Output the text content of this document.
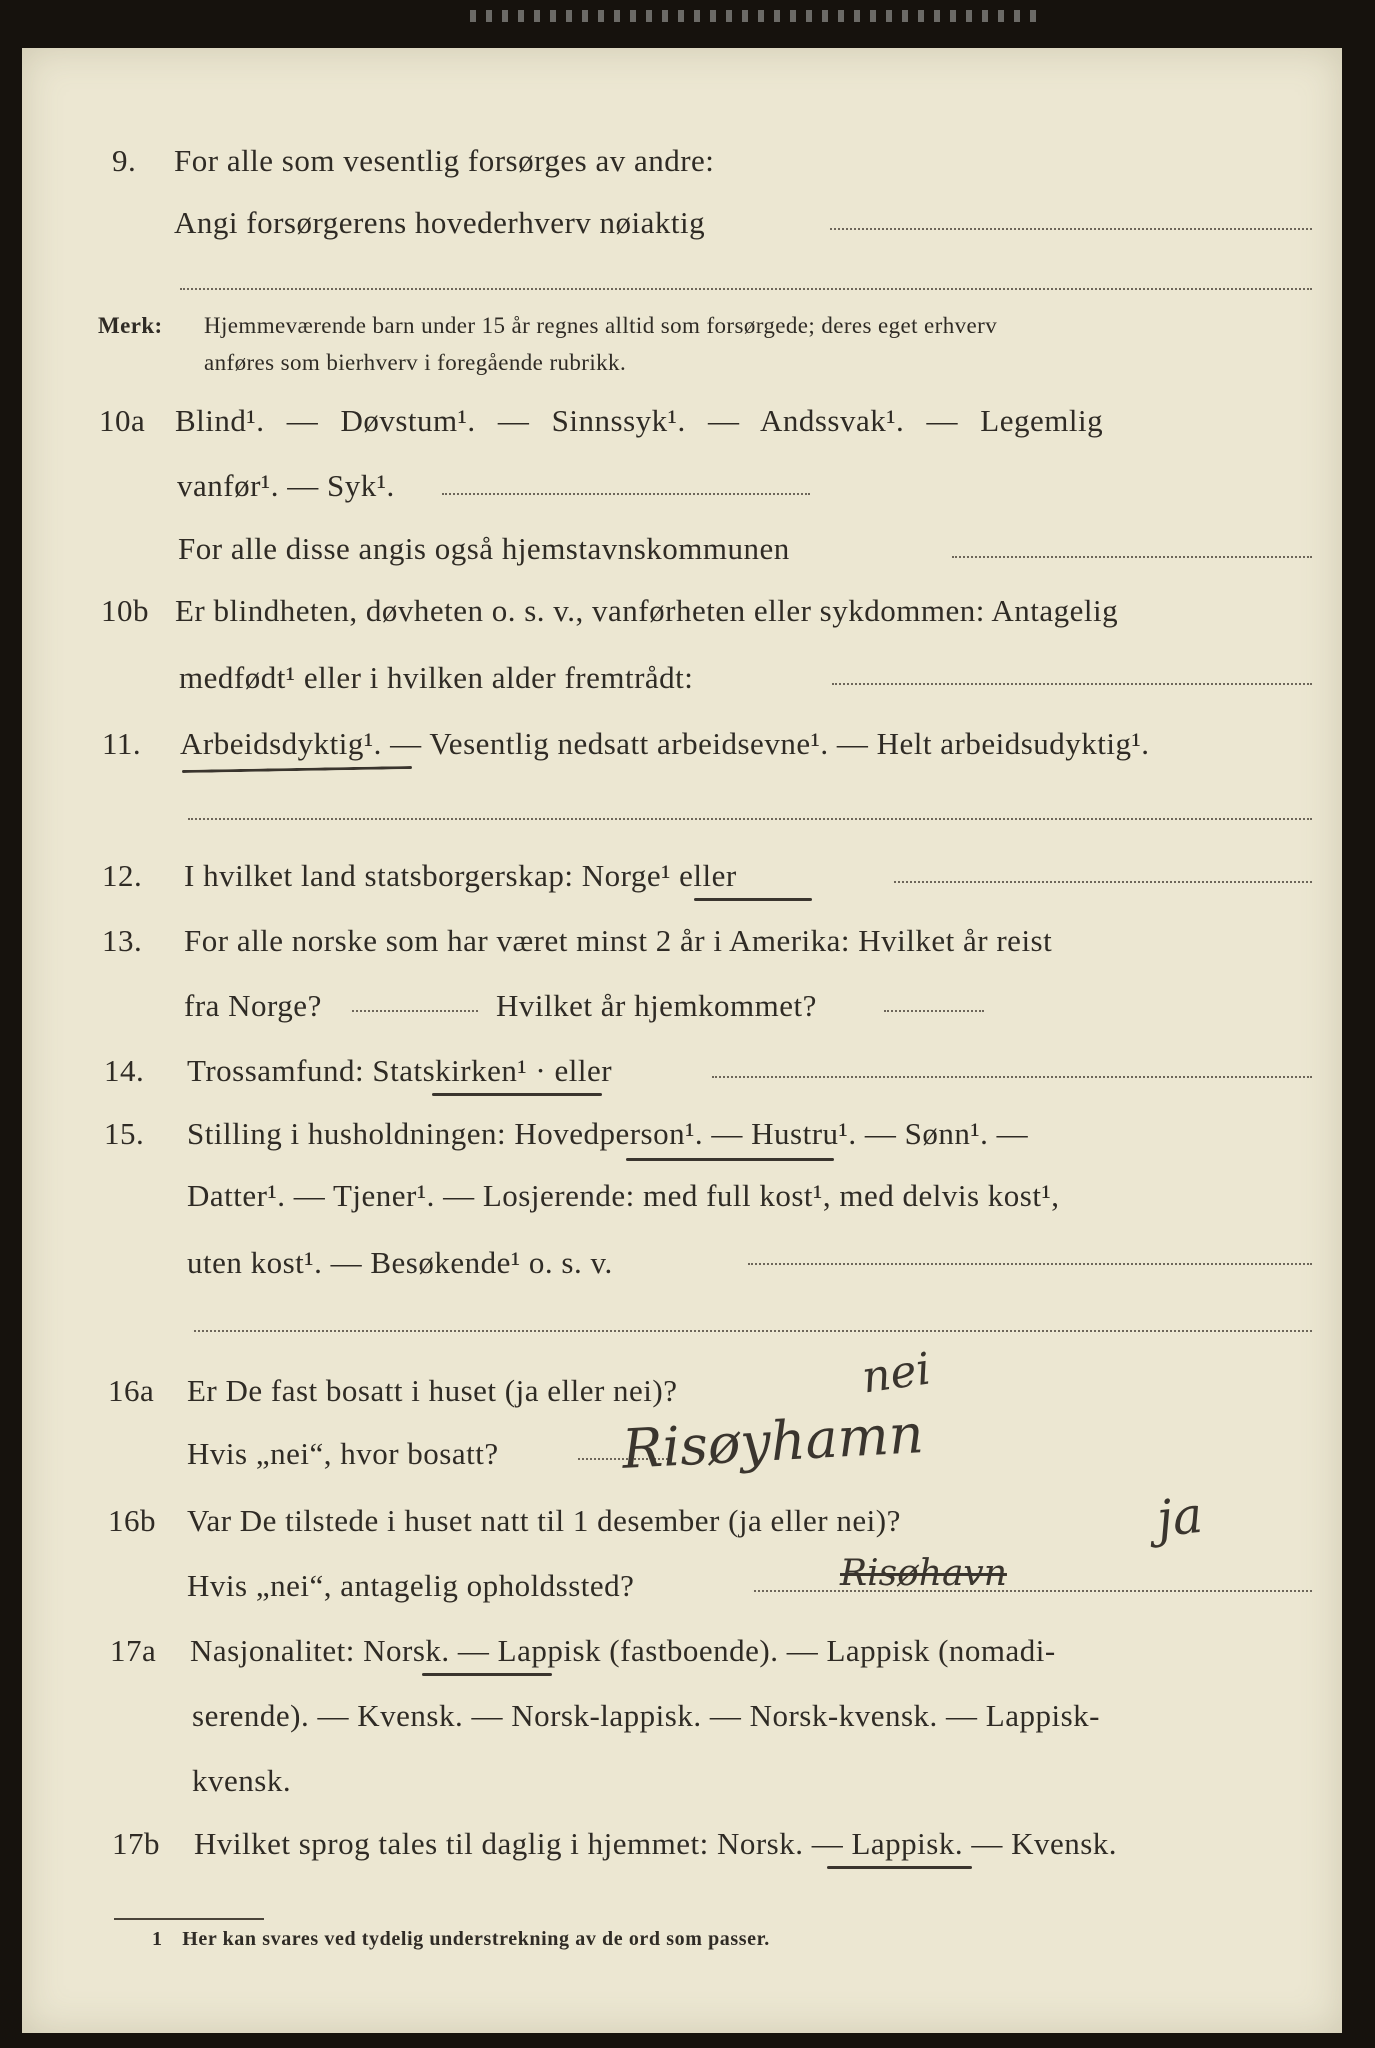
9.	For alle som vesentlig forsørges av andre:
Angi forsørgerens hovederhverv nøiaktig
Merk: Hjemmeværende barn under 15 år regnes alltid som forsørgede; deres eget erhverv
anføres som bierhverv i foregående rubrikk.
10a Blind¹. — Døvstum¹. — Sinnssyk¹. — Andssvak¹. — Legemlig
vanfør¹. — Syk¹.
For alle disse angis også hjemstavnskommunen
10b Er blindheten, døvheten o. s. v., vanførheten eller sykdommen: Antagelig
medfødt¹ eller i hvilken alder fremtrådt:
11.	Arbeidsdyktig¹. — Vesentlig nedsatt arbeidsevne¹. — Helt arbeidsudyktig¹.
12.	I hvilket land statsborgerskap: Norge¹ eller
13.	For alle norske som har været minst 2 år i Amerika: Hvilket år reist
fra Norge?	Hvilket år hjemkommet?
14.	Trossamfund: Statskirken¹ · eller
15.	Stilling i husholdningen: Hovedperson¹. — Hustru¹. — Sønn¹. —
Datter¹. — Tjener¹. — Losjerende: med full kost¹, med delvis kost¹,
uten kost¹. — Besøkende¹ o. s. v.
16a	Er De fast bosatt i huset (ja eller nei)?	nei
Hvis „nei“, hvor bosatt? Risøyhamn
16b	Var De tilstede i huset natt til 1 desember (ja eller nei)?	ja
Hvis „nei“, antagelig opholdssted?	Risøhavn
17a	Nasjonalitet: Norsk. — Lappisk (fastboende). — Lappisk (nomadi-
serende). — Kvensk. — Norsk-lappisk. — Norsk-kvensk. — Lappisk-
kvensk.
17b	Hvilket sprog tales til daglig i hjemmet: Norsk. — Lappisk. — Kvensk.
1 Her kan svares ved tydelig understrekning av de ord som passer.
